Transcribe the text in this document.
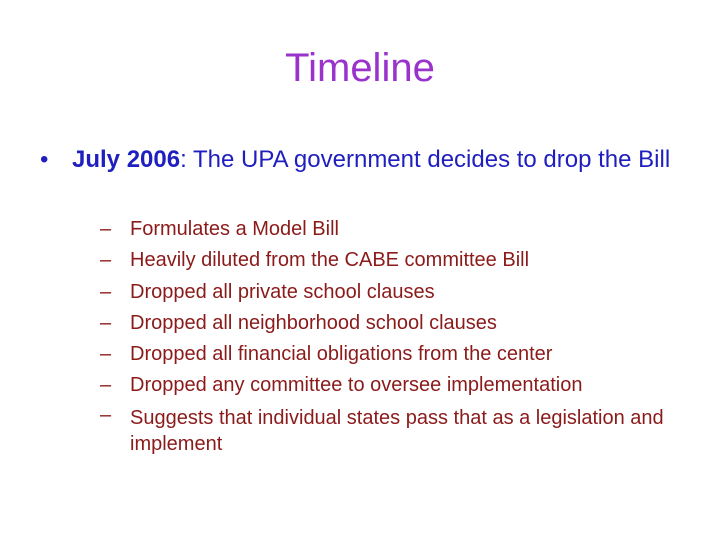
Timeline
• July 2006: The UPA government decides to drop the Bill
– Formulates a Model Bill
– Heavily diluted from the CABE committee Bill
– Dropped all private school clauses
– Dropped all neighborhood school clauses
– Dropped all financial obligations from the center
– Dropped any committee to oversee implementation
– Suggests that individual states pass that as a legislation and implement
